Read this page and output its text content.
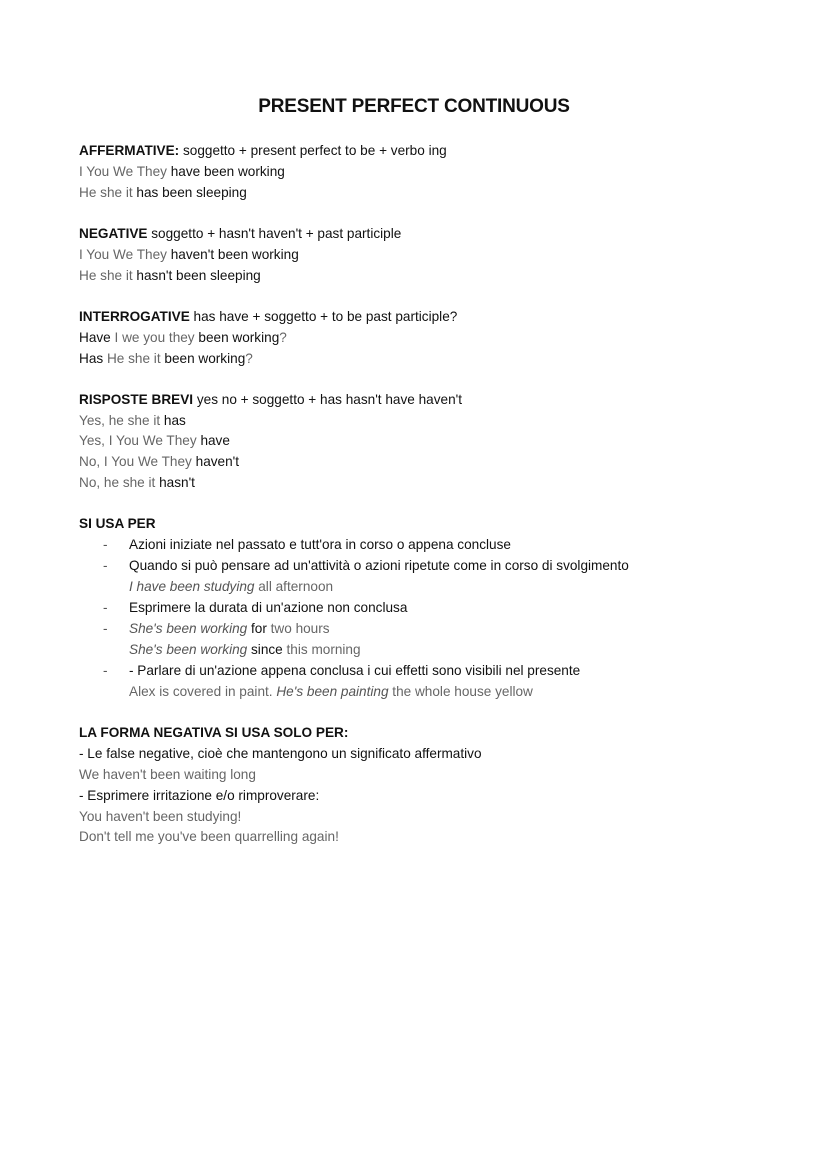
PRESENT PERFECT CONTINUOUS
AFFERMATIVE: soggetto + present perfect to be + verbo ing
I You We They have been working
He she it has been sleeping
NEGATIVE soggetto + hasn't haven't + past participle
I You We They haven't been working
He she it hasn't been sleeping
INTERROGATIVE has have + soggetto + to be past participle?
Have I we you they been working?
Has He she it been working?
RISPOSTE BREVI yes no + soggetto + has hasn't have haven't
Yes, he she it has
Yes, I You We They have
No, I You We They haven't
No, he she it hasn't
SI USA PER
- Azioni iniziate nel passato e tutt'ora in corso o appena concluse
- Quando si può pensare ad un'attività o azioni ripetute come in corso di svolgimento
I have been studying all afternoon
- Esprimere la durata di un'azione non conclusa
- She's been working for two hours
She's been working since this morning
- - Parlare di un'azione appena conclusa i cui effetti sono visibili nel presente
Alex is covered in paint. He's been painting the whole house yellow
LA FORMA NEGATIVA SI USA SOLO PER:
- Le false negative, cioè che mantengono un significato affermativo
We haven't been waiting long
- Esprimere irritazione e/o rimproverare:
You haven't been studying!
Don't tell me you've been quarrelling again!
